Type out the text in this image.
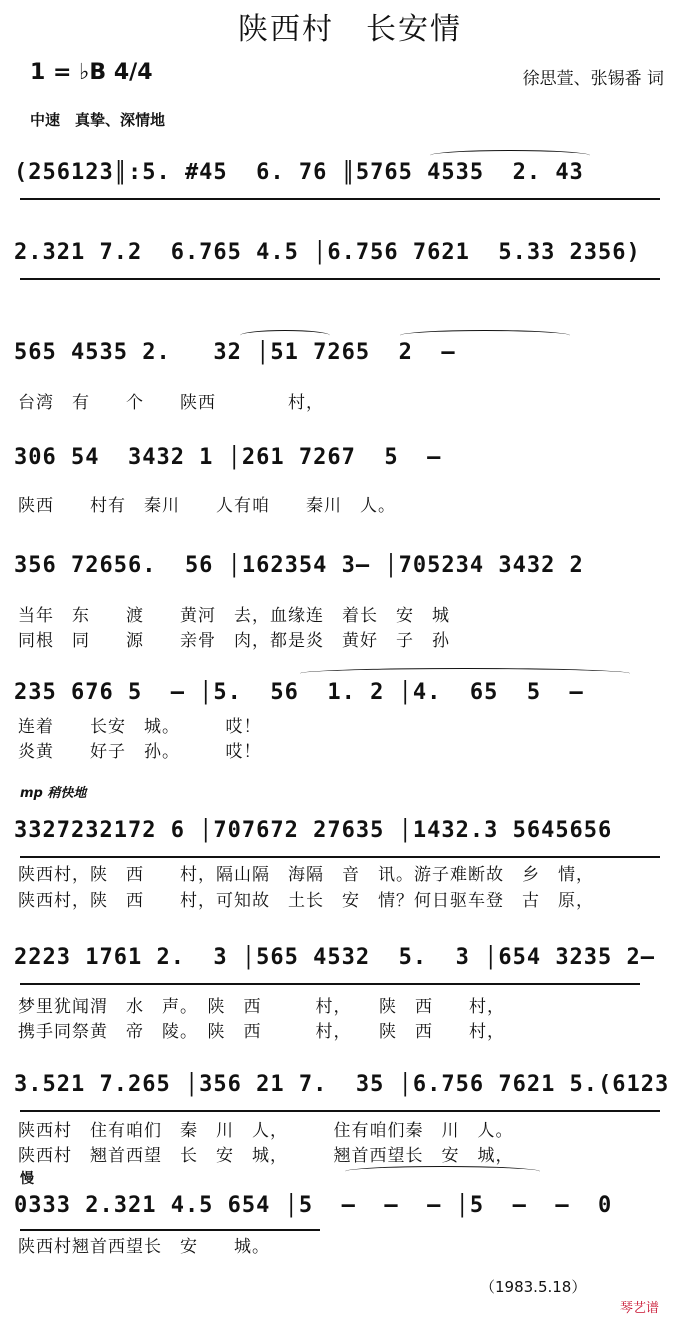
陕西村　长安情
1 = ♭B 4/4	徐思萱、张锡番 词
中速　真挚、深情地
(256123║:5. #45  6. 76 ║5765 4535  2. 43
2.321 7.2  6.765 4.5 │6.756 7621  5.33 2356)
565 4535 2.   32 │51 7265  2  —
台湾　有　　个　　陕西　　　　村，
306 54  3432 1 │261 7267  5  —
陕西　　村有　秦川　　人有咱　　秦川　人。
356 72656.  56 │162354 3— │705234 3432 2
当年　东　　渡　　黄河　去，血缘连　着长　安　城
同根　同　　源　　亲骨　肉，都是炎　黄好　子　孙
235 676 5  — │5.  56  1. 2 │4.  65  5  —
连着　　长安　城。　　　哎！
炎黄　　好子　孙。　　　哎！
mp 稍快地
3327232172 6 │707672 27635 │1432.3 5645656
陕西村，陕　西　　村，隔山隔　海隔　音　讯。游子难断故　乡　情，
陕西村，陕　西　　村，可知故　土长　安　情？何日驱车登　古　原，
2223 1761 2.  3 │565 4532  5.  3 │654 3235 2—
梦里犹闻渭　水　声。　陕　西　　　村，　　陕　西　　村，
携手同祭黄　帝　陵。　陕　西　　　村，　　陕　西　　村，
3.521 7.265 │356 21 7.  35 │6.756 7621 5.(6123
陕西村　住有咱们　秦　川　人，　　　住有咱们秦　川　人。
陕西村　翘首西望　长　安　城，　　　翘首西望长　安　城，
慢
0333 2.321 4.5 654 │5  —  —  — │5  —  —  0
陕西村翘首西望长　安　　城。
（1983.5.18）
琴艺谱
